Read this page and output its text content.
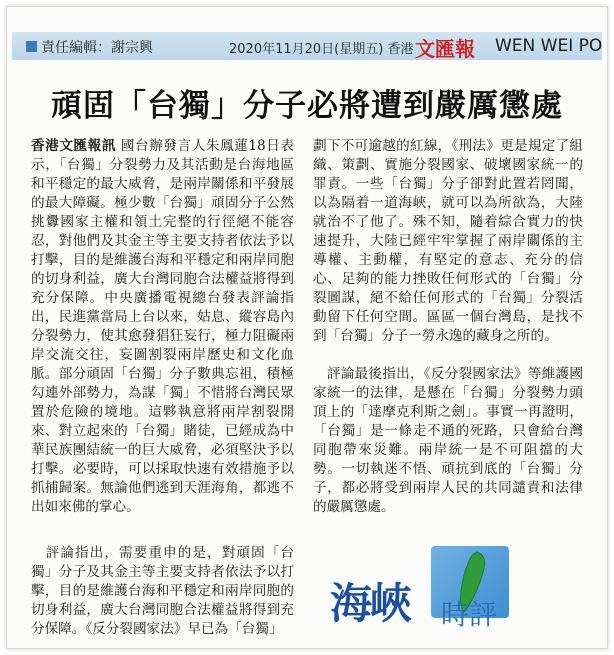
責任編輯：謝宗興	2020年11月20日(星期五) 香港 文匯報 WEN WEI PO
頑固「台獨」分子必將遭到嚴厲懲處

香港文匯報訊 國台辦發言人朱鳳蓮18日表示，「台獨」分裂勢力及其活動是台海地區和平穩定的最大威脅，是兩岸關係和平發展的最大障礙。極少數「台獨」頑固分子公然挑釁國家主權和領土完整的行徑絕不能容忍，對他們及其金主等主要支持者依法予以打擊，目的是維護台海和平穩定和兩岸同胞的切身利益，廣大台灣同胞合法權益將得到充分保障。中央廣播電視總台發表評論指出，民進黨當局上台以來，姑息、縱容島內分裂勢力，使其愈發猖狂妄行，極力阻礙兩岸交流交往，妄圖割裂兩岸歷史和文化血脈。部分頑固「台獨」分子數典忘祖，積極勾連外部勢力，為謀「獨」不惜將台灣民眾置於危險的境地。這夥執意將兩岸割裂開來、對立起來的「台獨」賭徒，已經成為中華民族團結統一的巨大威脅，必須堅決予以打擊。必要時，可以採取快速有效措施予以抓捕歸案。無論他們逃到天涯海角，都逃不出如來佛的掌心。

　評論指出，需要重申的是，對頑固「台獨」分子及其金主等主要支持者依法予以打擊，目的是維護台海和平穩定和兩岸同胞的切身利益，廣大台灣同胞合法權益將得到充分保障。《反分裂國家法》早已為「台獨」

劃下不可逾越的紅線，《刑法》更是規定了組織、策劃、實施分裂國家、破壞國家統一的罪責。一些「台獨」分子卻對此置若罔聞，以為隔着一道海峽，就可以為所欲為，大陸就治不了他了。殊不知，隨着綜合實力的快速提升，大陸已經牢牢掌握了兩岸關係的主導權、主動權，有堅定的意志、充分的信心、足夠的能力挫敗任何形式的「台獨」分裂圖謀，絕不給任何形式的「台獨」分裂活動留下任何空間。區區一個台灣島，是找不到「台獨」分子一勞永逸的藏身之所的。

　評論最後指出，《反分裂國家法》等維護國家統一的法律，是懸在「台獨」分裂勢力頭頂上的「達摩克利斯之劍」。事實一再證明，「台獨」是一條走不通的死路，只會給台灣同胞帶來災難。兩岸統一是不可阻擋的大勢。一切執迷不悟、頑抗到底的「台獨」分子，都必將受到兩岸人民的共同譴責和法律的嚴厲懲處。

海峽 時評
